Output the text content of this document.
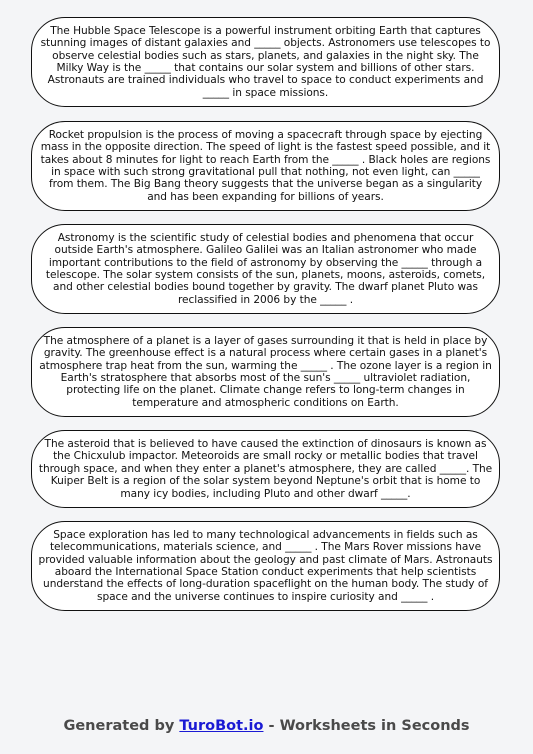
The Hubble Space Telescope is a powerful instrument orbiting Earth that captures stunning images of distant galaxies and _____ objects. Astronomers use telescopes to observe celestial bodies such as stars, planets, and galaxies in the night sky. The Milky Way is the _____ that contains our solar system and billions of other stars. Astronauts are trained individuals who travel to space to conduct experiments and _____ in space missions.

Rocket propulsion is the process of moving a spacecraft through space by ejecting mass in the opposite direction. The speed of light is the fastest speed possible, and it takes about 8 minutes for light to reach Earth from the _____ . Black holes are regions in space with such strong gravitational pull that nothing, not even light, can _____ from them. The Big Bang theory suggests that the universe began as a singularity and has been expanding for billions of years.

Astronomy is the scientific study of celestial bodies and phenomena that occur outside Earth's atmosphere. Galileo Galilei was an Italian astronomer who made important contributions to the field of astronomy by observing the _____ through a telescope. The solar system consists of the sun, planets, moons, asteroids, comets, and other celestial bodies bound together by gravity. The dwarf planet Pluto was reclassified in 2006 by the _____ .

The atmosphere of a planet is a layer of gases surrounding it that is held in place by gravity. The greenhouse effect is a natural process where certain gases in a planet's atmosphere trap heat from the sun, warming the _____ . The ozone layer is a region in Earth's stratosphere that absorbs most of the sun's _____ ultraviolet radiation, protecting life on the planet. Climate change refers to long-term changes in temperature and atmospheric conditions on Earth.

The asteroid that is believed to have caused the extinction of dinosaurs is known as the Chicxulub impactor. Meteoroids are small rocky or metallic bodies that travel through space, and when they enter a planet's atmosphere, they are called _____. The Kuiper Belt is a region of the solar system beyond Neptune's orbit that is home to many icy bodies, including Pluto and other dwarf _____.

Space exploration has led to many technological advancements in fields such as telecommunications, materials science, and _____ . The Mars Rover missions have provided valuable information about the geology and past climate of Mars. Astronauts aboard the International Space Station conduct experiments that help scientists understand the effects of long-duration spaceflight on the human body. The study of space and the universe continues to inspire curiosity and _____ .

Generated by TuroBot.io - Worksheets in Seconds
